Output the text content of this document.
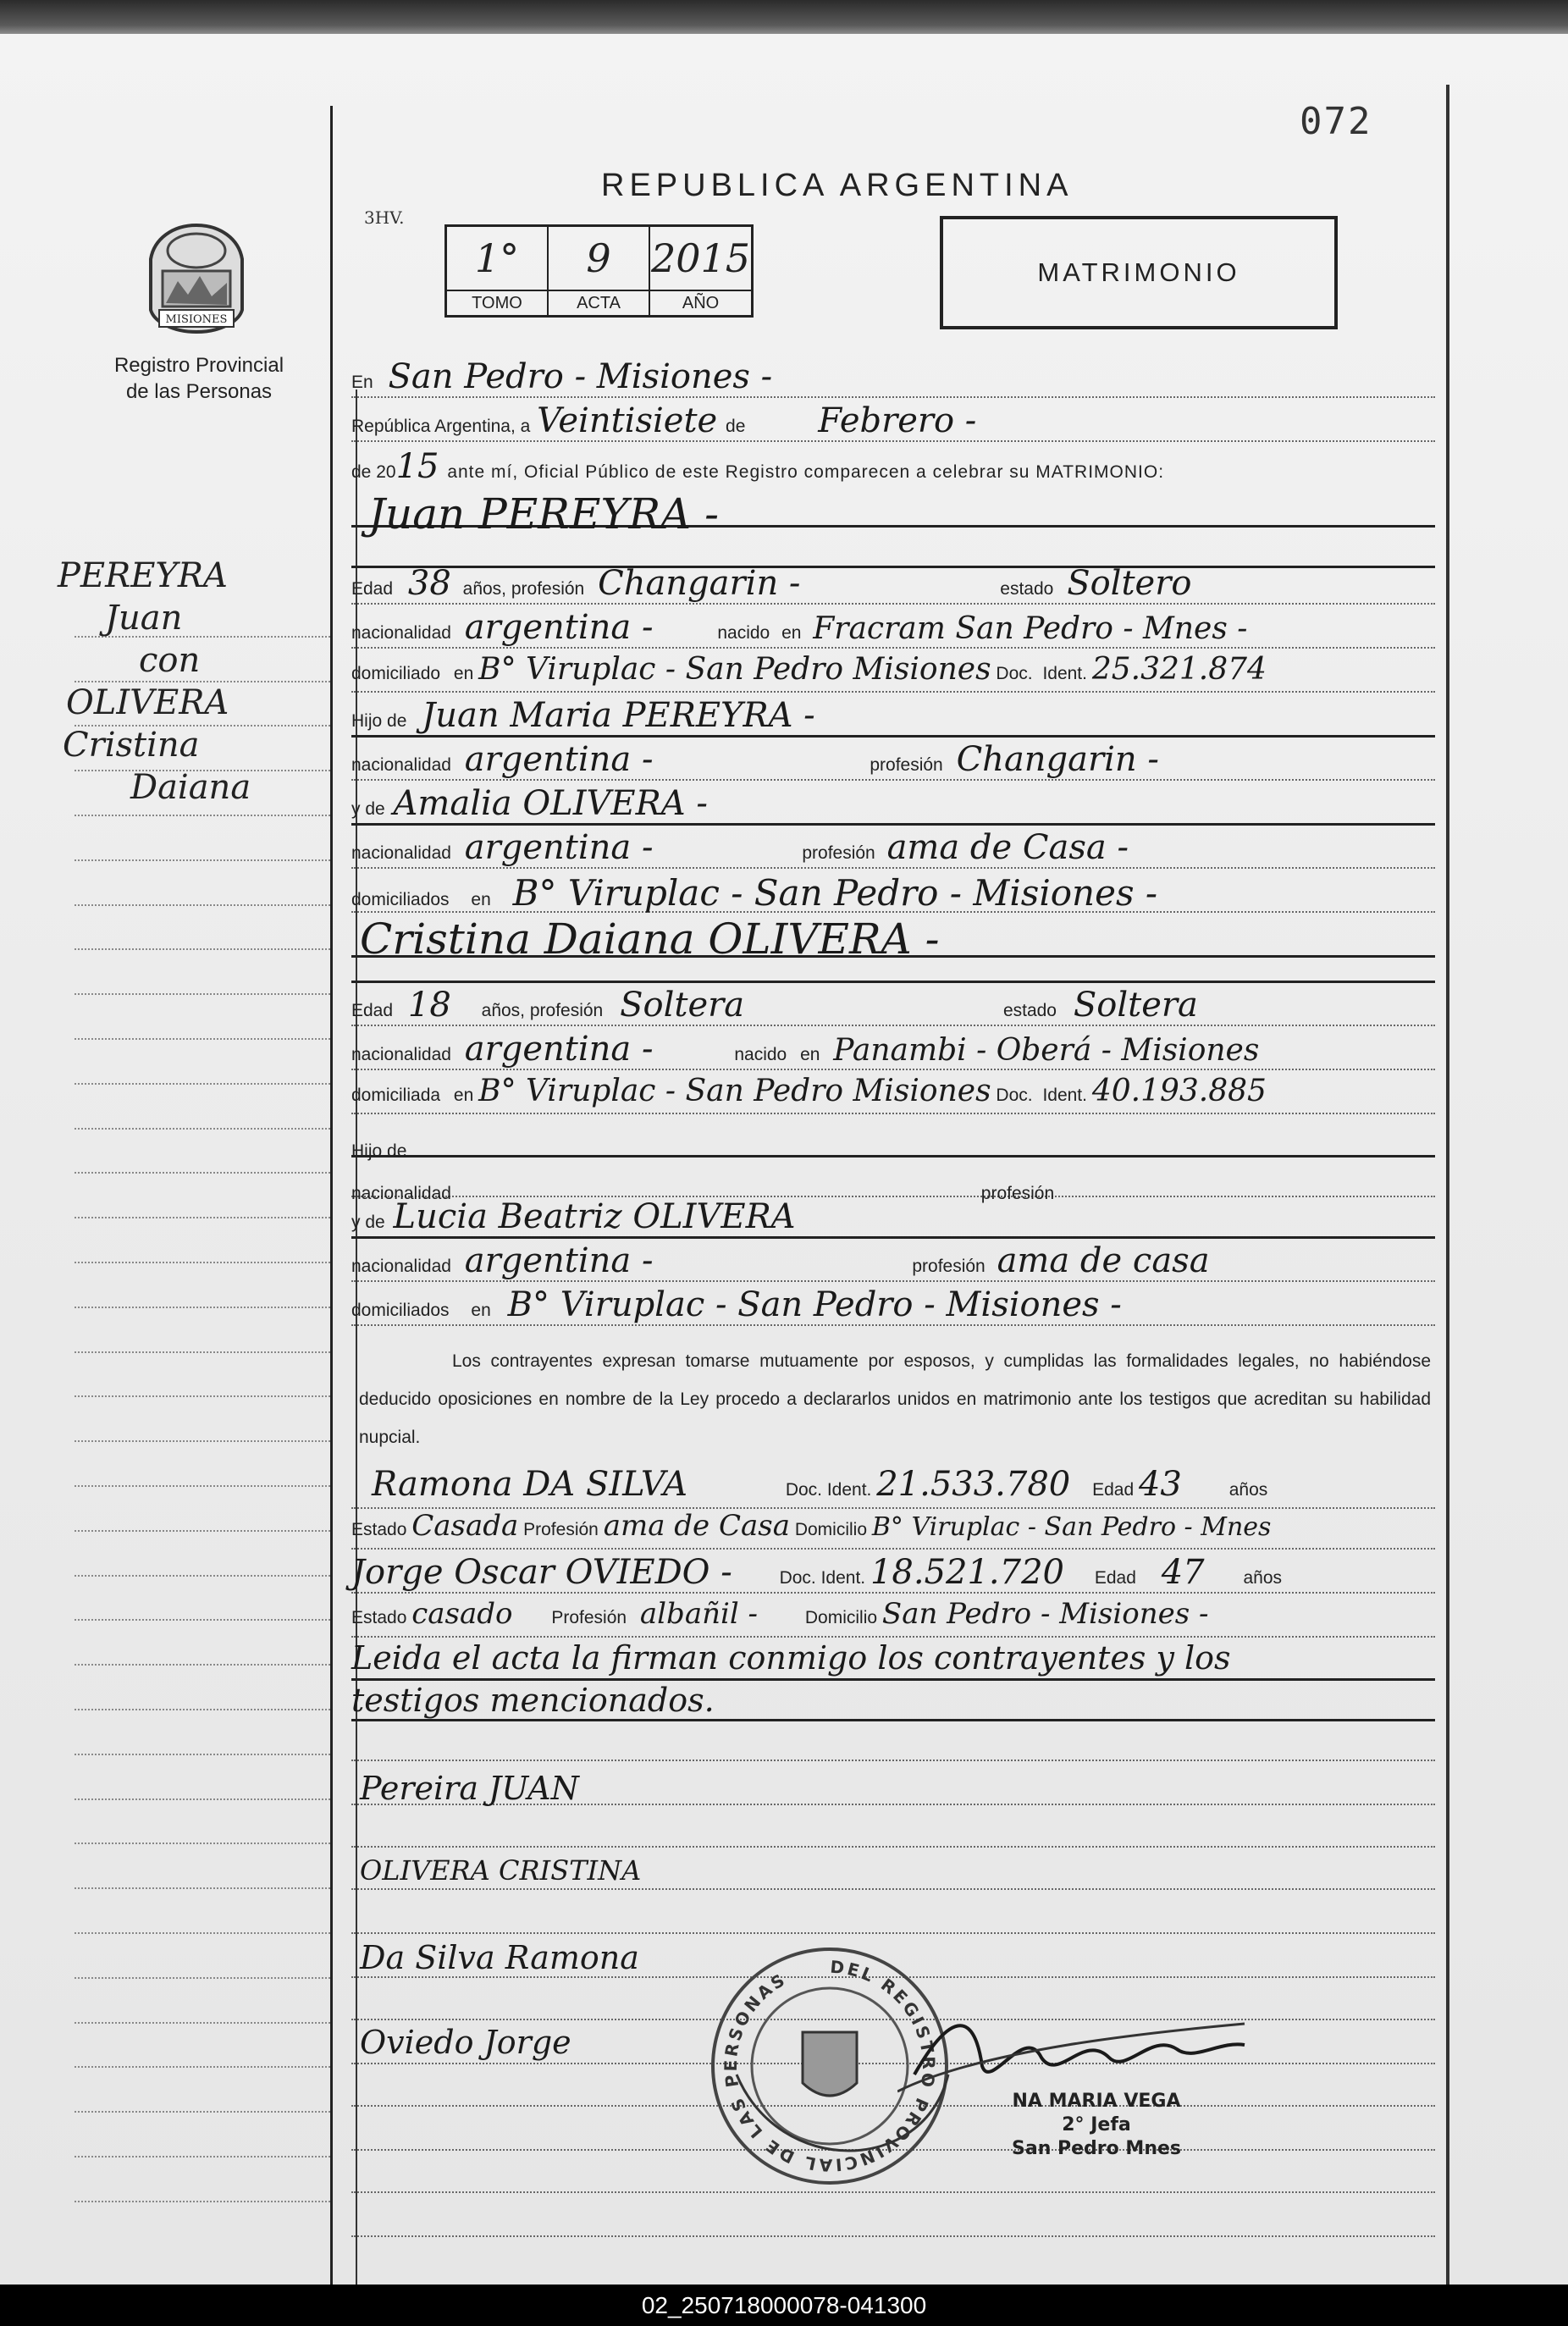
072
REPUBLICA ARGENTINA
3HV.
1°	9	2015
TOMO	ACTA	AÑO
MATRIMONIO
MISIONES
Registro Provincial
de las Personas
PEREYRA
Juan
con
OLIVERA
Cristina
Daiana
En San Pedro - Misiones -
República Argentina, a Veintisiete de Febrero -
de 2015 ante mí, Oficial Público de este Registro comparecen a celebrar su MATRIMONIO:
Juan PEREYRA -
Edad 38 años, profesión Changarin -	estado Soltero
nacionalidad argentina -	nacido en Fracram San Pedro - Mnes -
domiciliado en B° Viruplac - San Pedro Misiones Doc. Ident. 25.321.874
Hijo de Juan Maria PEREYRA -
nacionalidad argentina -	profesión Changarin -
y de Amalia OLIVERA -
nacionalidad argentina -	profesión ama de Casa -
domiciliados en B° Viruplac - San Pedro - Misiones -
Cristina Daiana OLIVERA -
Edad 18 años, profesión Soltera	estado Soltera
nacionalidad argentina -	nacido en Panambi - Oberá - Misiones
domiciliada en B° Viruplac - San Pedro Misiones Doc. Ident. 40.193.885
Hijo de
nacionalidad	profesión
y de Lucia Beatriz OLIVERA
nacionalidad argentina -	profesión ama de casa
domiciliados en B° Viruplac - San Pedro - Misiones -
Los contrayentes expresan tomarse mutuamente por esposos, y cumplidas las formalidades legales, no habiéndose deducido oposiciones en nombre de la Ley procedo a declararlos unidos en matrimonio ante los testigos que acreditan su habilidad nupcial.
Ramona DA SILVA	Doc. Ident. 21.533.780 Edad 43	años
Estado Casada Profesión ama de Casa Domicilio B° Viruplac - San Pedro - Mnes
Jorge Oscar OVIEDO -	Doc. Ident. 18.521.720 Edad 47 años
Estado casado Profesión albañil -	Domicilio San Pedro - Misiones -
Leida el acta la firman conmigo los contrayentes y los
testigos mencionados.
Pereira JUAN
OLIVERA CRISTINA
Da Silva Ramona
Oviedo Jorge
DEL REGISTRO PROVINCIAL DE LAS PERSONAS
NA MARIA VEGA
2° Jefa
San Pedro Mnes
02_250718000078-041300
